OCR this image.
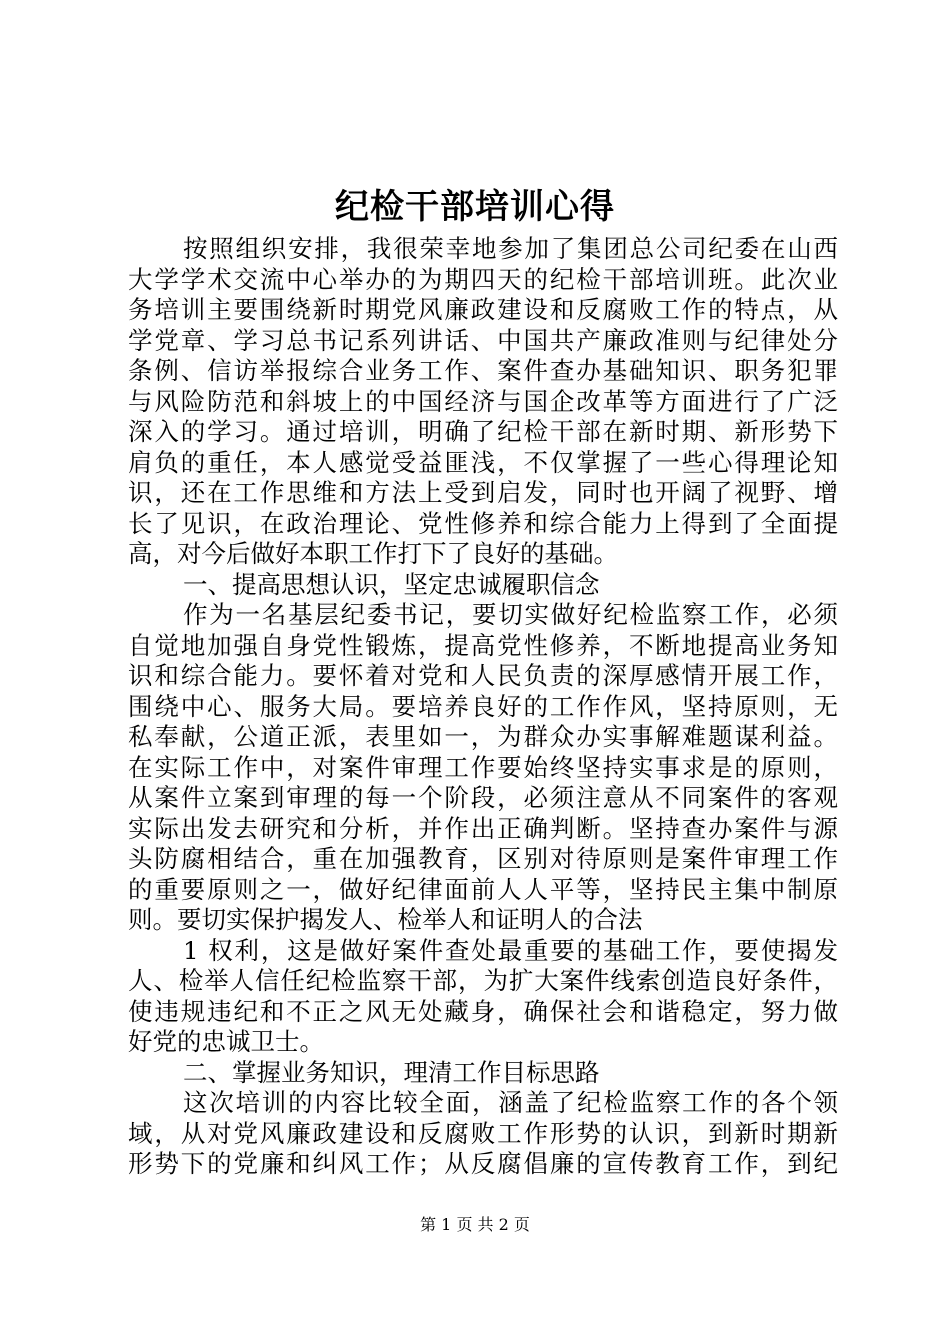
纪检干部培训心得
按照组织安排，我很荣幸地参加了集团总公司纪委在山西
大学学术交流中心举办的为期四天的纪检干部培训班。此次业
务培训主要围绕新时期党风廉政建设和反腐败工作的特点，从
学党章、学习总书记系列讲话、中国共产廉政准则与纪律处分
条例、信访举报综合业务工作、案件查办基础知识、职务犯罪
与风险防范和斜坡上的中国经济与国企改革等方面进行了广泛
深入的学习。通过培训，明确了纪检干部在新时期、新形势下
肩负的重任，本人感觉受益匪浅，不仅掌握了一些心得理论知
识，还在工作思维和方法上受到启发，同时也开阔了视野、增
长了见识，在政治理论、党性修养和综合能力上得到了全面提
高，对今后做好本职工作打下了良好的基础。
一、提高思想认识，坚定忠诚履职信念
作为一名基层纪委书记，要切实做好纪检监察工作，必须
自觉地加强自身党性锻炼，提高党性修养，不断地提高业务知
识和综合能力。要怀着对党和人民负责的深厚感情开展工作，
围绕中心、服务大局。要培养良好的工作作风，坚持原则，无
私奉献，公道正派，表里如一，为群众办实事解难题谋利益。
在实际工作中，对案件审理工作要始终坚持实事求是的原则，
从案件立案到审理的每一个阶段，必须注意从不同案件的客观
实际出发去研究和分析，并作出正确判断。坚持查办案件与源
头防腐相结合，重在加强教育，区别对待原则是案件审理工作
的重要原则之一，做好纪律面前人人平等，坚持民主集中制原
则。要切实保护揭发人、检举人和证明人的合法
1 权利，这是做好案件查处最重要的基础工作，要使揭发
人、检举人信任纪检监察干部，为扩大案件线索创造良好条件，
使违规违纪和不正之风无处藏身，确保社会和谐稳定，努力做
好党的忠诚卫士。
二、掌握业务知识，理清工作目标思路
这次培训的内容比较全面，涵盖了纪检监察工作的各个领
域，从对党风廉政建设和反腐败工作形势的认识，到新时期新
形势下的党廉和纠风工作；从反腐倡廉的宣传教育工作，到纪
第 1 页 共 2 页
